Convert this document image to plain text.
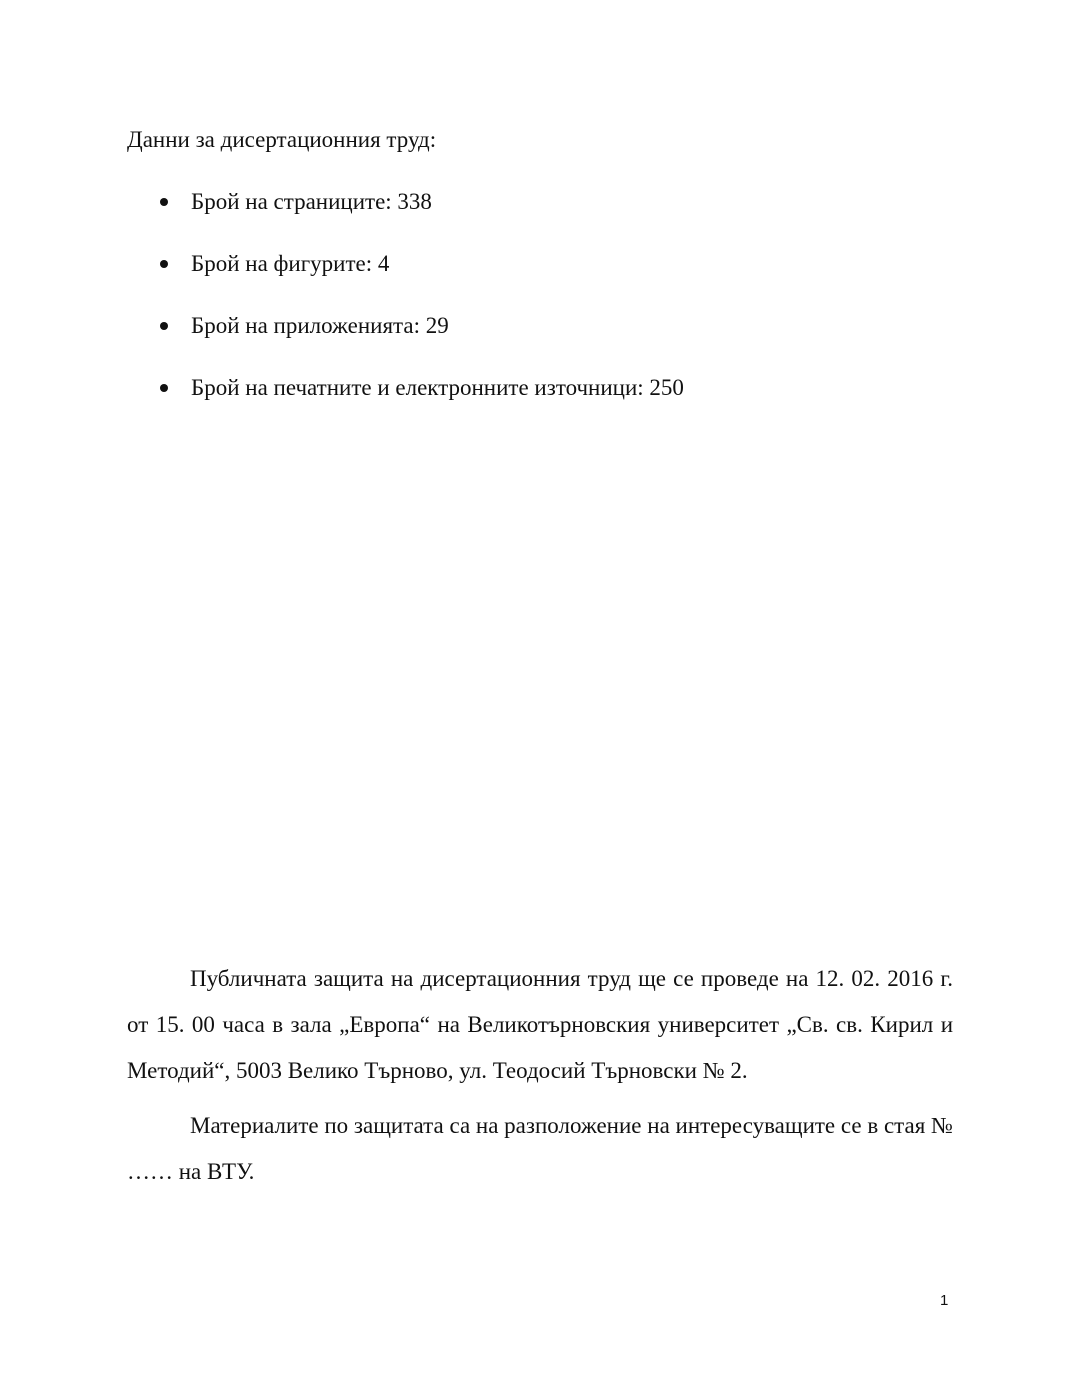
Данни за дисертационния труд:

Брой на страниците: 338
Брой на фигурите: 4
Брой на приложенията: 29
Брой на печатните и електронните източници: 250

Публичната защита на дисертационния труд ще се проведе на 12. 02. 2016 г. от 15. 00 часа в зала „Европа“ на Великотърновския университет „Св. св. Кирил и Методий“, 5003 Велико Търново, ул. Теодосий Търновски № 2.

Материалите по защитата са на разположение на интересуващите се в стая № …… на ВТУ.

1
